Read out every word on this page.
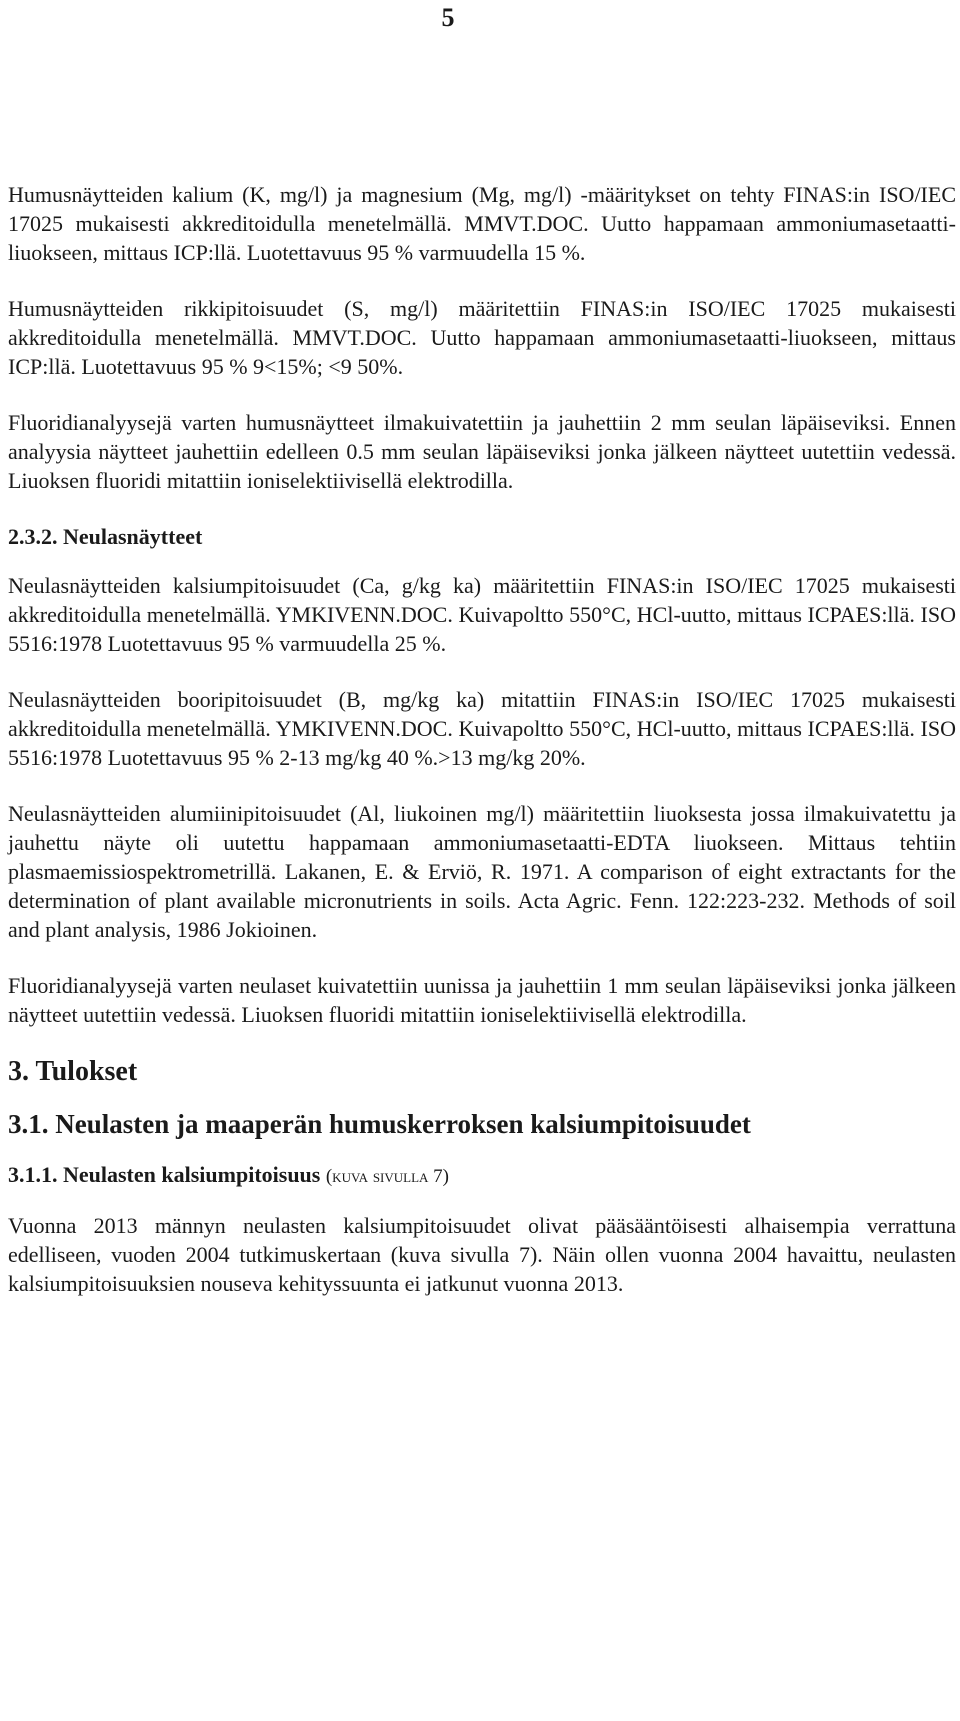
5

Humusnäytteiden kalium (K, mg/l) ja magnesium (Mg, mg/l) -määritykset on tehty FINAS:in ISO/IEC 17025 mukaisesti akkreditoidulla menetelmällä. MMVT.DOC. Uutto happamaan ammoniumasetaatti-liuokseen, mittaus ICP:llä. Luotettavuus 95 % varmuudella 15 %.

Humusnäytteiden rikkipitoisuudet (S, mg/l) määritettiin FINAS:in ISO/IEC 17025 mukaisesti akkreditoidulla menetelmällä. MMVT.DOC. Uutto happamaan ammoniumasetaatti-liuokseen, mittaus ICP:llä. Luotettavuus 95 % 9<15%; <9 50%.

Fluoridianalyysejä varten humusnäytteet ilmakuivatettiin ja jauhettiin 2 mm seulan läpäiseviksi. Ennen analyysia näytteet jauhettiin edelleen 0.5 mm seulan läpäiseviksi jonka jälkeen näytteet uutettiin vedessä. Liuoksen fluoridi mitattiin ioniselektiivisellä elektrodilla.

2.3.2. Neulasnäytteet

Neulasnäytteiden kalsiumpitoisuudet (Ca, g/kg ka) määritettiin FINAS:in ISO/IEC 17025 mukaisesti akkreditoidulla menetelmällä. YMKIVENN.DOC. Kuivapoltto 550°C, HCl-uutto, mittaus ICPAES:llä. ISO 5516:1978 Luotettavuus 95 % varmuudella 25 %.

Neulasnäytteiden booripitoisuudet (B, mg/kg ka) mitattiin FINAS:in ISO/IEC 17025 mukaisesti akkreditoidulla menetelmällä. YMKIVENN.DOC. Kuivapoltto 550°C, HCl-uutto, mittaus ICPAES:llä. ISO 5516:1978 Luotettavuus 95 % 2-13 mg/kg 40 %.>13 mg/kg 20%.

Neulasnäytteiden alumiinipitoisuudet (Al, liukoinen mg/l) määritettiin liuoksesta jossa ilmakuivatettu ja jauhettu näyte oli uutettu happamaan ammoniumasetaatti-EDTA liuokseen. Mittaus tehtiin plasmaemissiospektrometrillä. Lakanen, E. & Erviö, R. 1971. A comparison of eight extractants for the determination of plant available micronutrients in soils. Acta Agric. Fenn. 122:223-232. Methods of soil and plant analysis, 1986 Jokioinen.

Fluoridianalyysejä varten neulaset kuivatettiin uunissa ja jauhettiin 1 mm seulan läpäiseviksi jonka jälkeen näytteet uutettiin vedessä. Liuoksen fluoridi mitattiin ioniselektiivisellä elektrodilla.

3. Tulokset
3.1. Neulasten ja maaperän humuskerroksen kalsiumpitoisuudet
3.1.1. Neulasten kalsiumpitoisuus (kuva sivulla 7)

Vuonna 2013 männyn neulasten kalsiumpitoisuudet olivat pääsääntöisesti alhaisempia verrattuna edelliseen, vuoden 2004 tutkimuskertaan (kuva sivulla 7). Näin ollen vuonna 2004 havaittu, neulasten kalsiumpitoisuuksien nouseva kehityssuunta ei jatkunut vuonna 2013.
